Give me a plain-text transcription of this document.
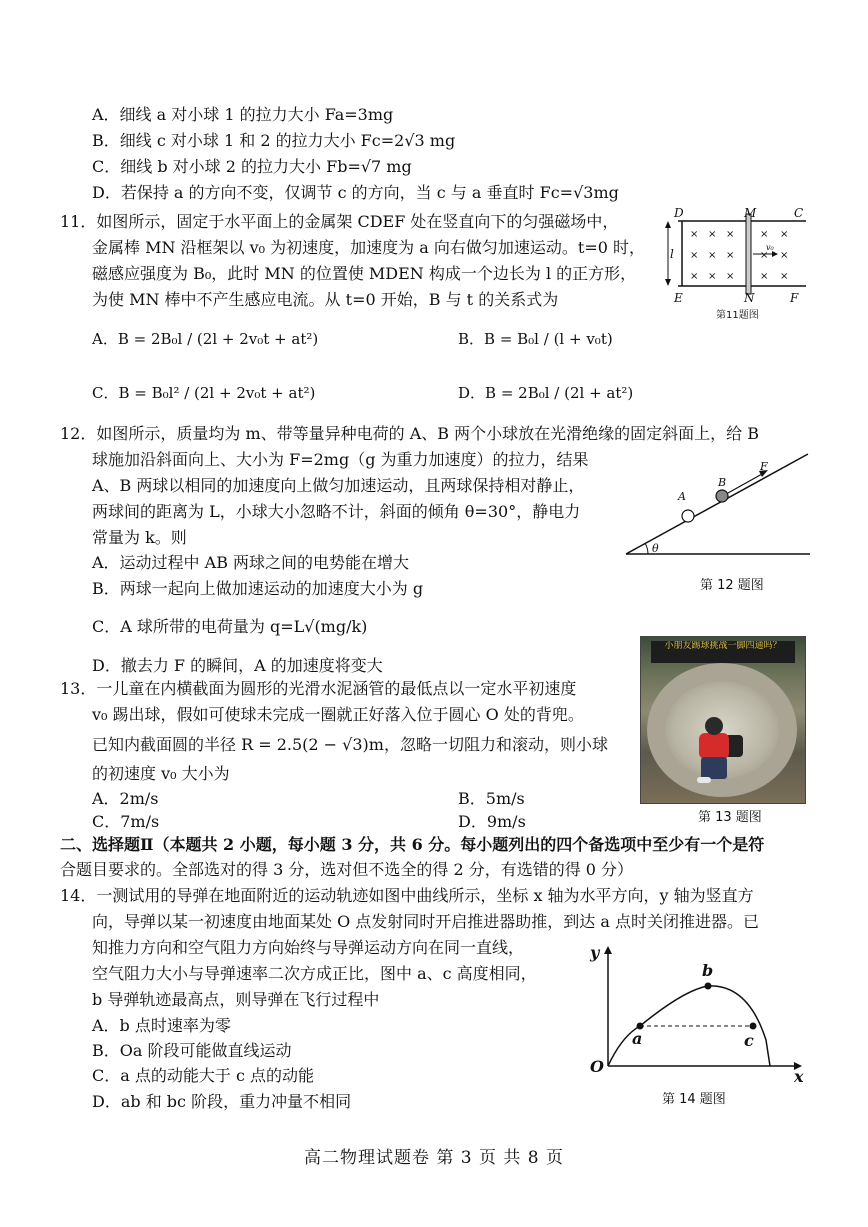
A．细线 a 对小球 1 的拉力大小 Fa=3mg
B．细线 c 对小球 1 和 2 的拉力大小 Fc=2√3 mg
C．细线 b 对小球 2 的拉力大小 Fb=√7 mg
D．若保持 a 的方向不变，仅调节 c 的方向，当 c 与 a 垂直时 Fc=√3mg
11．如图所示，固定于水平面上的金属架 CDEF 处在竖直向下的匀强磁场中，
金属棒 MN 沿框架以 v₀ 为初速度，加速度为 a 向右做匀加速运动。t=0 时，
磁感应强度为 B₀，此时 MN 的位置使 MDEN 构成一个边长为 l 的正方形，
为使 MN 棒中不产生感应电流。从 t=0 开始，B 与 t 的关系式为
A．B = 2B₀l / (2l + 2v₀t + at²)	B．B = B₀l / (l + v₀t)
C．B = B₀l² / (2l + 2v₀t + at²)	D．B = 2B₀l / (2l + at²)
× × ×	× ×
× × ×	× ×
× × ×	× ×
D	M	C
E	N	F
l	v₀
第11题图
12．如图所示，质量均为 m、带等量异种电荷的 A、B 两个小球放在光滑绝缘的固定斜面上，给 B
球施加沿斜面向上、大小为 F=2mg（g 为重力加速度）的拉力，结果
A、B 两球以相同的加速度向上做匀加速运动，且两球保持相对静止，
两球间的距离为 L，小球大小忽略不计，斜面的倾角 θ=30°，静电力
常量为 k。则
A．运动过程中 AB 两球之间的电势能在增大
B．两球一起向上做加速运动的加速度大小为 g
C．A 球所带的电荷量为 q=L√(mg/k)
D．撤去力 F 的瞬间，A 的加速度将变大
A
B
F
θ
第 12 题图
13．一儿童在内横截面为圆形的光滑水泥涵管的最低点以一定水平初速度
v₀ 踢出球，假如可使球未完成一圈就正好落入位于圆心 O 处的背兜。
已知内截面圆的半径 R = 2.5(2 − √3)m，忽略一切阻力和滚动，则小球
的初速度 v₀ 大小为
A．2m/s	B．5m/s
C．7m/s	D．9m/s
小朋友踢球挑战一脚四通吗？
第 13 题图
二、选择题Ⅱ（本题共 2 小题，每小题 3 分，共 6 分。每小题列出的四个备选项中至少有一个是符
合题目要求的。全部选对的得 3 分，选对但不选全的得 2 分，有选错的得 0 分）
14．一测试用的导弹在地面附近的运动轨迹如图中曲线所示，坐标 x 轴为水平方向，y 轴为竖直方
向，导弹以某一初速度由地面某处 O 点发射同时开启推进器助推，到达 a 点时关闭推进器。已
知推力方向和空气阻力方向始终与导弹运动方向在同一直线，
空气阻力大小与导弹速率二次方成正比，图中 a、c 高度相同，
b 导弹轨迹最高点，则导弹在飞行过程中
A．b 点时速率为零
B．Oa 阶段可能做直线运动
C．a 点的动能大于 c 点的动能
D．ab 和 bc 阶段，重力冲量不相同
y
x
O
a
b
c
第 14 题图
高二物理试题卷 第 3 页 共 8 页
